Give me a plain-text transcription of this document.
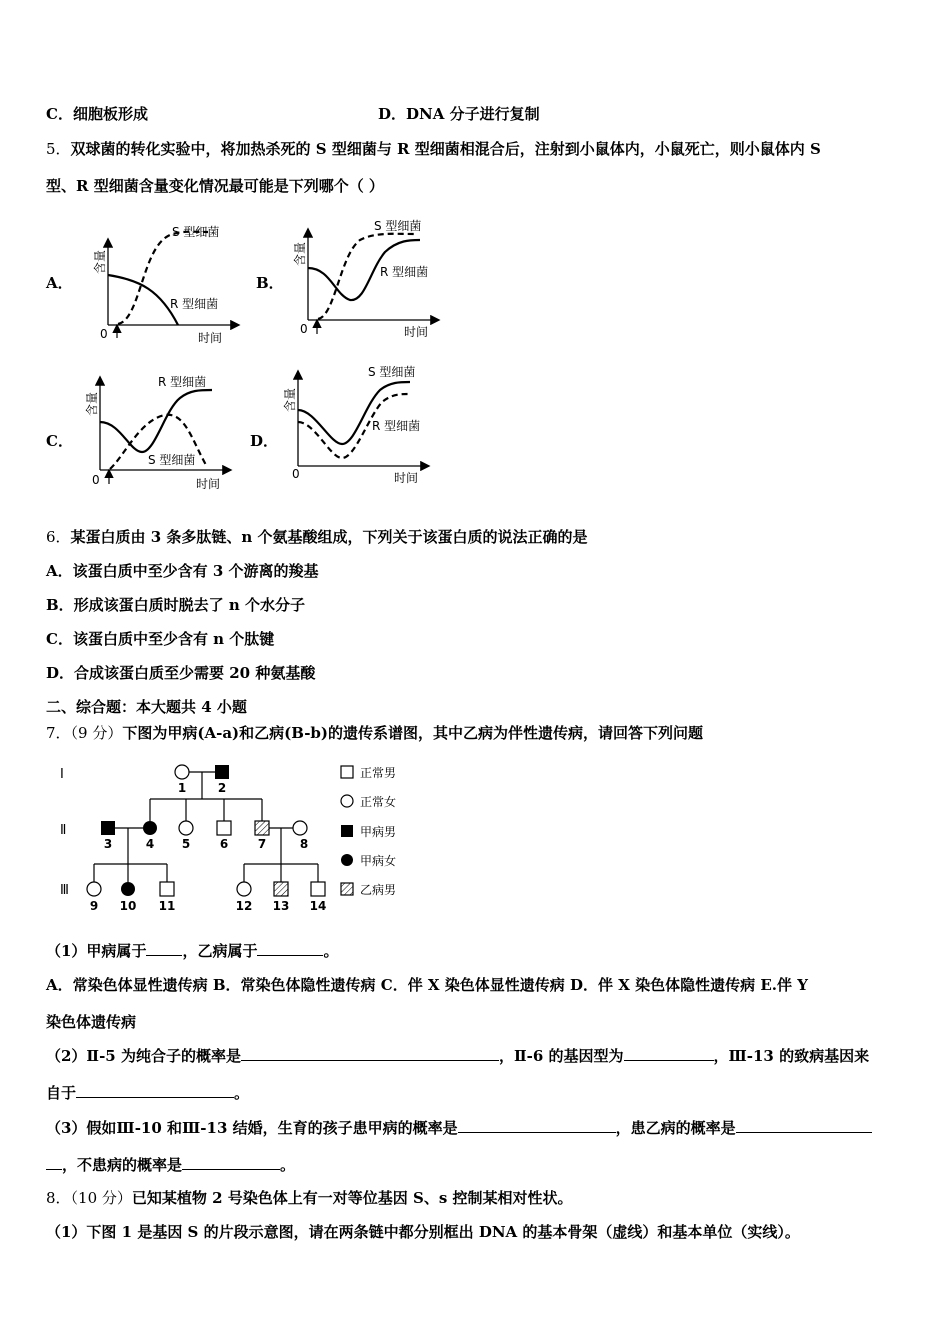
C．细胞板形成	D．DNA 分子进行复制
5．双球菌的转化实验中，将加热杀死的 S 型细菌与 R 型细菌相混合后，注射到小鼠体内，小鼠死亡，则小鼠体内 S
型、R 型细菌含量变化情况最可能是下列哪个（ ）
A．	B．
C．	D．
含量
时间
0
S 型细菌
R 型细菌
含量
时间
0
S 型细菌
R 型细菌
含量
时间
0
R 型细菌
S 型细菌
含量
时间
0
S 型细菌
R 型细菌
6．某蛋白质由 3 条多肽链、n 个氨基酸组成，下列关于该蛋白质的说法正确的是
A．该蛋白质中至少含有 3 个游离的羧基
B．形成该蛋白质时脱去了 n 个水分子
C．该蛋白质中至少含有 n 个肽键
D．合成该蛋白质至少需要 20 种氨基酸
二、综合题：本大题共 4 小题
7．（9 分）下图为甲病(A-a)和乙病(B-b)的遗传系谱图，其中乙病为伴性遗传病，请回答下列问题
Ⅰ
Ⅱ
Ⅲ
1	2
3	4 5 6 7	8
9 10 11	12 13 14
正常男
正常女
甲病男
甲病女
乙病男
（1）甲病属于 ，乙病属于	。
A．常染色体显性遗传病 B．常染色体隐性遗传病 C．伴 X 染色体显性遗传病 D．伴 X 染色体隐性遗传病 E.伴 Y
染色体遗传病
（2）Ⅱ-5 为纯合子的概率是	，Ⅱ-6 的基因型为	，Ⅲ-13 的致病基因来
自于	。
（3）假如Ⅲ-10 和Ⅲ-13 结婚，生育的孩子患甲病的概率是	，患乙病的概率是
，不患病的概率是	。
8．（10 分）已知某植物 2 号染色体上有一对等位基因 S、s 控制某相对性状。
（1）下图 1 是基因 S 的片段示意图，请在两条链中都分别框出 DNA 的基本骨架（虚线）和基本单位（实线）。
